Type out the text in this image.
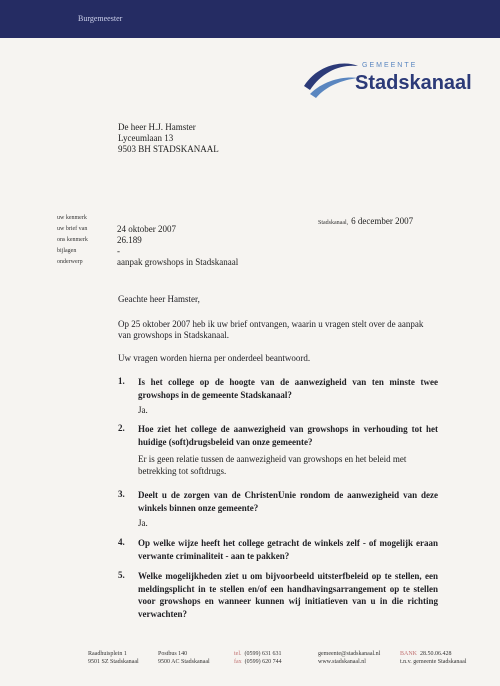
Burgemeester
GEMEENTE
Stadskanaal
De heer H.J. Hamster
Lyceumlaan 13
9503 BH STADSKANAAL
uw kenmerk
uw brief van	24 oktober 2007
ons kenmerk	26.189
bijlagen	-
onderwerp	aanpak growshops in Stadskanaal
Stadskanaal, 6 december 2007

Geachte heer Hamster,

Op 25 oktober 2007 heb ik uw brief ontvangen, waarin u vragen stelt over de aanpak van growshops in Stadskanaal.

Uw vragen worden hierna per onderdeel beantwoord.

1. Is het college op de hoogte van de aanwezigheid van ten minste twee growshops in de gemeente Stadskanaal?
Ja.
2. Hoe ziet het college de aanwezigheid van growshops in verhouding tot het huidige (soft)drugsbeleid van onze gemeente?
Er is geen relatie tussen de aanwezigheid van growshops en het beleid met betrekking tot softdrugs.
3. Deelt u de zorgen van de ChristenUnie rondom de aanwezigheid van deze winkels binnen onze gemeente?
Ja.
4. Op welke wijze heeft het college getracht de winkels zelf - of mogelijk eraan verwante criminaliteit - aan te pakken?
5. Welke mogelijkheden ziet u om bijvoorbeeld uitsterfbeleid op te stellen, een meldingsplicht in te stellen en/of een handhavingsarrangement op te stellen voor growshops en wanneer kunnen wij initiatieven van u in die richting verwachten?
Raadhuisplein 1
9501 SZ Stadskanaal
Postbus 140
9500 AC Stadskanaal
tel. (0599) 631 631
fax (0599) 620 744
gemeente@stadskanaal.nl
www.stadskanaal.nl
BANK 28.50.06.428
t.n.v. gemeente Stadskanaal
